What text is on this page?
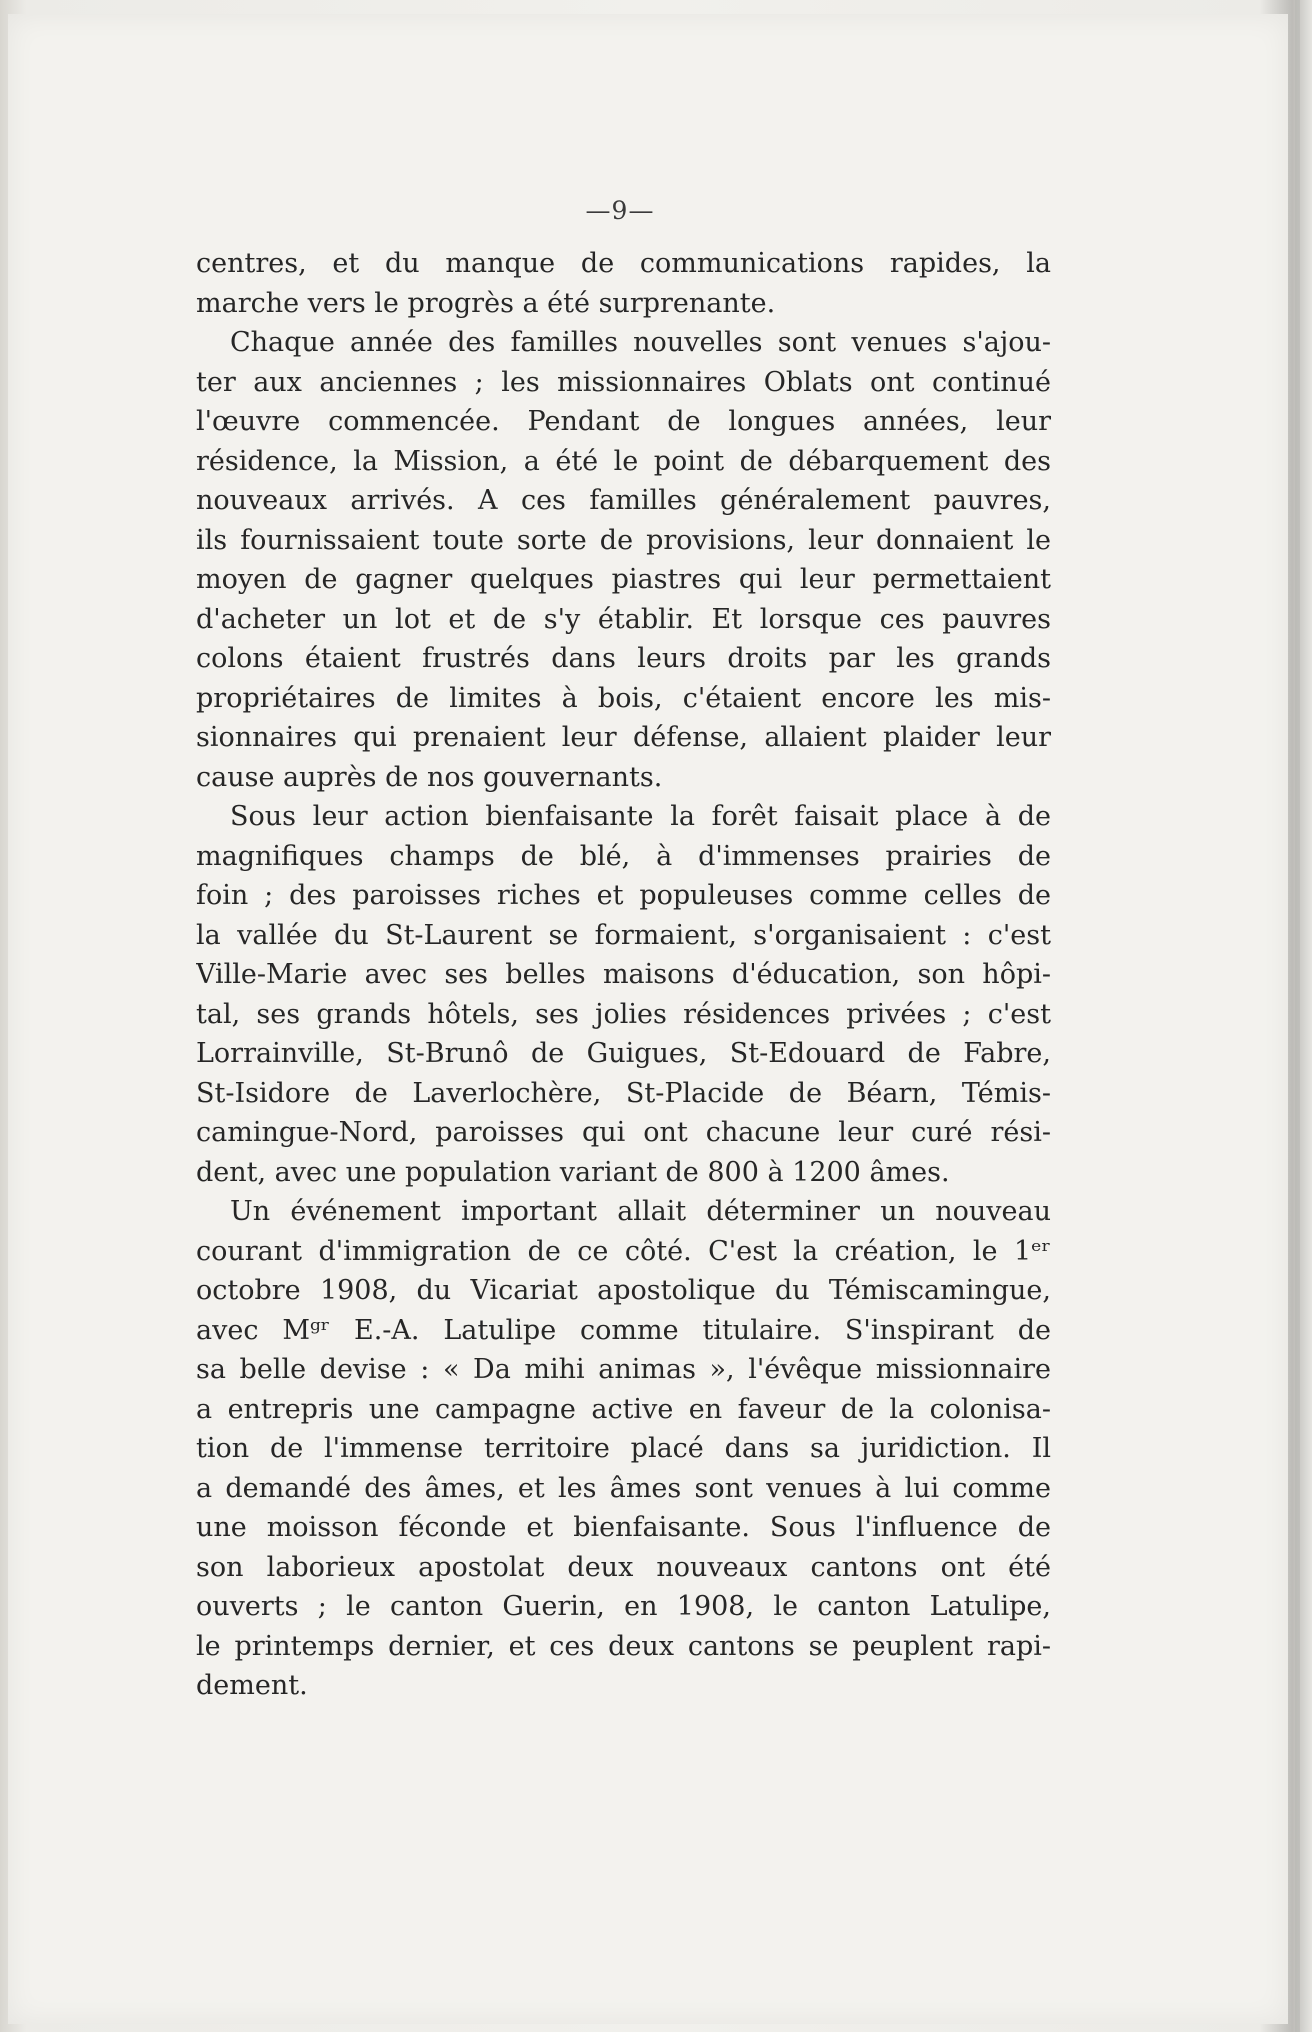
—9—
centres, et du manque de communications rapides, la
marche vers le progrès a été surprenante.
Chaque année des familles nouvelles sont venues s'ajou-
ter aux anciennes ; les missionnaires Oblats ont continué
l'œuvre commencée. Pendant de longues années, leur
résidence, la Mission, a été le point de débarquement des
nouveaux arrivés. A ces familles généralement pauvres,
ils fournissaient toute sorte de provisions, leur donnaient le
moyen de gagner quelques piastres qui leur permettaient
d'acheter un lot et de s'y établir. Et lorsque ces pauvres
colons étaient frustrés dans leurs droits par les grands
propriétaires de limites à bois, c'étaient encore les mis-
sionnaires qui prenaient leur défense, allaient plaider leur
cause auprès de nos gouvernants.
Sous leur action bienfaisante la forêt faisait place à de
magnifiques champs de blé, à d'immenses prairies de
foin ; des paroisses riches et populeuses comme celles de
la vallée du St-Laurent se formaient, s'organisaient : c'est
Ville-Marie avec ses belles maisons d'éducation, son hôpi-
tal, ses grands hôtels, ses jolies résidences privées ; c'est
Lorrainville, St-Brunô de Guigues, St-Edouard de Fabre,
St-Isidore de Laverlochère, St-Placide de Béarn, Témis-
camingue-Nord, paroisses qui ont chacune leur curé rési-
dent, avec une population variant de 800 à 1200 âmes.
Un événement important allait déterminer un nouveau
courant d'immigration de ce côté. C'est la création, le 1ᵉʳ
octobre 1908, du Vicariat apostolique du Témiscamingue,
avec Mᵍʳ E.-A. Latulipe comme titulaire. S'inspirant de
sa belle devise : « Da mihi animas », l'évêque missionnaire
a entrepris une campagne active en faveur de la colonisa-
tion de l'immense territoire placé dans sa juridiction. Il
a demandé des âmes, et les âmes sont venues à lui comme
une moisson féconde et bienfaisante. Sous l'influence de
son laborieux apostolat deux nouveaux cantons ont été
ouverts ; le canton Guerin, en 1908, le canton Latulipe,
le printemps dernier, et ces deux cantons se peuplent rapi-
dement.
